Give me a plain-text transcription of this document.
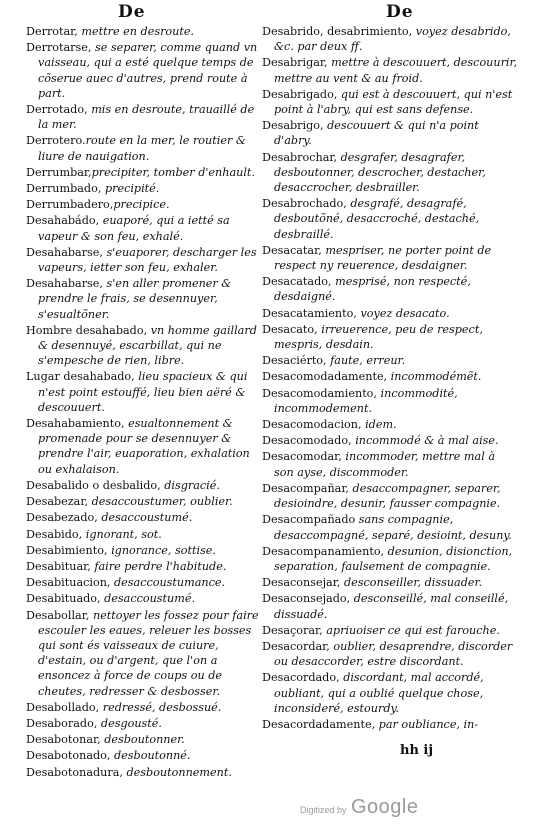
De	De
Derrotar, mettre en desroute.
Derrotarse, se separer, comme quand vn vaisseau, qui a esté quelque temps de cõserue auec d'autres, prend route à part.
Derrotado, mis en desroute, trauaillé de la mer.
Derrotero.route en la mer, le routier & liure de nauigation.
Derrumbar,precipiter, tomber d'enhault.
Derrumbado, precipité.
Derrumbadero,precipice.
Desahabádo, euaporé, qui a ietté sa vapeur & son feu, exhalé.
Desahabarse, s'euaporer, descharger les vapeurs, ietter son feu, exhaler.
Desahabarse, s'en aller promener & prendre le frais, se desennuyer, s'esualtõner.
Hombre desahabado, vn homme gaillard & desennuyé, escarbillat, qui ne s'empesche de rien, libre.
Lugar desahabado, lieu spacieux & qui n'est point estouffé, lieu bien aëré & descouuert.
Desahabamiento, esualtonnement & promenade pour se desennuyer & prendre l'air, euaporation, exhalation ou exhalaison.
Desabalido o desbalido, disgracié.
Desabezar, desaccoustumer, oublier.
Desabezado, desaccoustumé.
Desabido, ignorant, sot.
Desabimiento, ignorance, sottise.
Desabituar, faire perdre l'habitude.
Desabituacion, desaccoustumance.
Desabituado, desaccoustumé.
Desabollar, nettoyer les fossez pour faire escouler les eaues, releuer les bosses qui sont és vaisseaux de cuiure, d'estain, ou d'argent, que l'on a ensoncez à force de coups ou de cheutes, redresser & desbosser.
Desabollado, redressé, desbossué.
Desaborado, desgousté.
Desabotonar, desboutonner.
Desabotonado, desboutonné.
Desabotonadura, desboutonnement.
Desabrido, desabrimiento, voyez desabrido, &c. par deux ff.
Desabrigar, mettre à descouuert, descouurir, mettre au vent & au froid.
Desabrigado, qui est à descouuert, qui n'est point à l'abry, qui est sans defense.
Desabrigo, descouuert & qui n'a point d'abry.
Desabrochar, desgrafer, desagrafer, desboutonner, descrocher, destacher, desaccrocher, desbrailler.
Desabrochado, desgrafé, desagrafé, desboutõné, desaccroché, destaché, desbraillé.
Desacatar, mespriser, ne porter point de respect ny reuerence, desdaigner.
Desacatado, mesprisé, non respecté, desdaigné.
Desacatamiento, voyez desacato.
Desacato, irreuerence, peu de respect, mespris, desdain.
Desaciérto, faute, erreur.
Desacomodadamente, incommodémẽt.
Desacomodamiento, incommodité, incommodement.
Desacomodacion, idem.
Desacomodado, incommodé & à mal aise.
Desacomodar, incommoder, mettre mal à son ayse, discommoder.
Desacompañar, desaccompagner, separer, desioindre, desunir, fausser compagnie.
Desacompañado sans compagnie, desaccompagné, separé, desioint, desuny.
Desacompanamiento, desunion, disionction, separation, faulsement de compagnie.
Desaconsejar, desconseiller, dissuader.
Desaconsejado, desconseillé, mal conseillé, dissuadé.
Desaçorar, apriuoiser ce qui est farouche.
Desacordar, oublier, desaprendre, discorder ou desaccorder, estre discordant.
Desacordado, discordant, mal accordé, oubliant, qui a oublié quelque chose, inconsideré, estourdy.
Desacordadamente, par oubliance, in-
hh ij
Digitized by Google
